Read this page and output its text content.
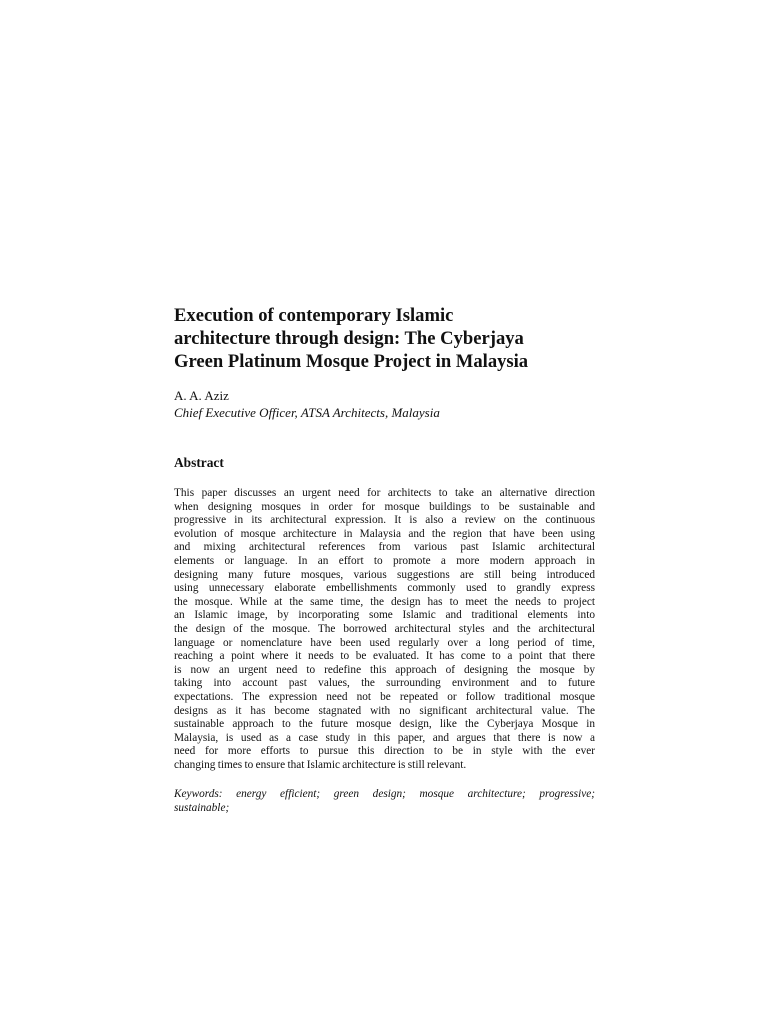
Execution of contemporary Islamic
architecture through design: The Cyberjaya
Green Platinum Mosque Project in Malaysia
A. A. Aziz
Chief Executive Officer, ATSA Architects, Malaysia
Abstract
This paper discusses an urgent need for architects to take an alternative direction
when designing mosques in order for mosque buildings to be sustainable and
progressive in its architectural expression. It is also a review on the continuous
evolution of mosque architecture in Malaysia and the region that have been using
and mixing architectural references from various past Islamic architectural
elements or language. In an effort to promote a more modern approach in
designing many future mosques, various suggestions are still being introduced
using unnecessary elaborate embellishments commonly used to grandly express
the mosque. While at the same time, the design has to meet the needs to project
an Islamic image, by incorporating some Islamic and traditional elements into
the design of the mosque. The borrowed architectural styles and the architectural
language or nomenclature have been used regularly over a long period of time,
reaching a point where it needs to be evaluated. It has come to a point that there
is now an urgent need to redefine this approach of designing the mosque by
taking into account past values, the surrounding environment and to future
expectations. The expression need not be repeated or follow traditional mosque
designs as it has become stagnated with no significant architectural value. The
sustainable approach to the future mosque design, like the Cyberjaya Mosque in
Malaysia, is used as a case study in this paper, and argues that there is now a
need for more efforts to pursue this direction to be in style with the ever
changing times to ensure that Islamic architecture is still relevant.
Keywords: energy efficient; green design; mosque architecture; progressive;
sustainable;
